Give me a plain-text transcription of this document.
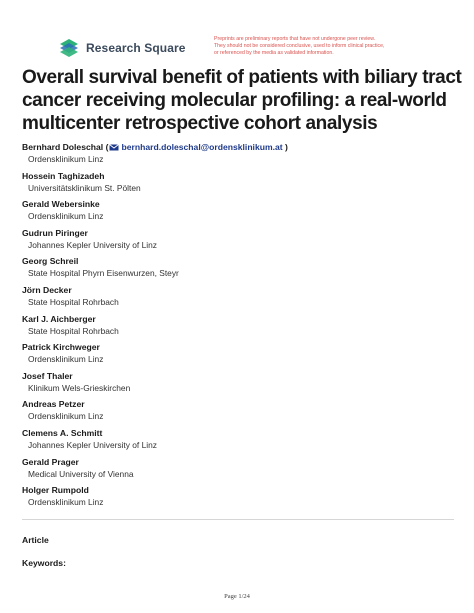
Research Square
Preprints are preliminary reports that have not undergone peer review.
They should not be considered conclusive, used to inform clinical practice,
or referenced by the media as validated information.
Overall survival benefit of patients with biliary tract
cancer receiving molecular profiling: a real-world
multicenter retrospective cohort analysis
Bernhard Doleschal ( bernhard.doleschal@ordensklinikum.at )
Ordensklinikum Linz
Hossein Taghizadeh
Universitätsklinikum St. Pölten
Gerald Webersinke
Ordensklinikum Linz
Gudrun Piringer
Johannes Kepler University of Linz
Georg Schreil
State Hospital Phyrn Eisenwurzen, Steyr
Jörn Decker
State Hospital Rohrbach
Karl J. Aichberger
State Hospital Rohrbach
Patrick Kirchweger
Ordensklinikum Linz
Josef Thaler
Klinikum Wels-Grieskirchen
Andreas Petzer
Ordensklinikum Linz
Clemens A. Schmitt
Johannes Kepler University of Linz
Gerald Prager
Medical University of Vienna
Holger Rumpold
Ordensklinikum Linz
Article
Keywords:
Page 1/24
